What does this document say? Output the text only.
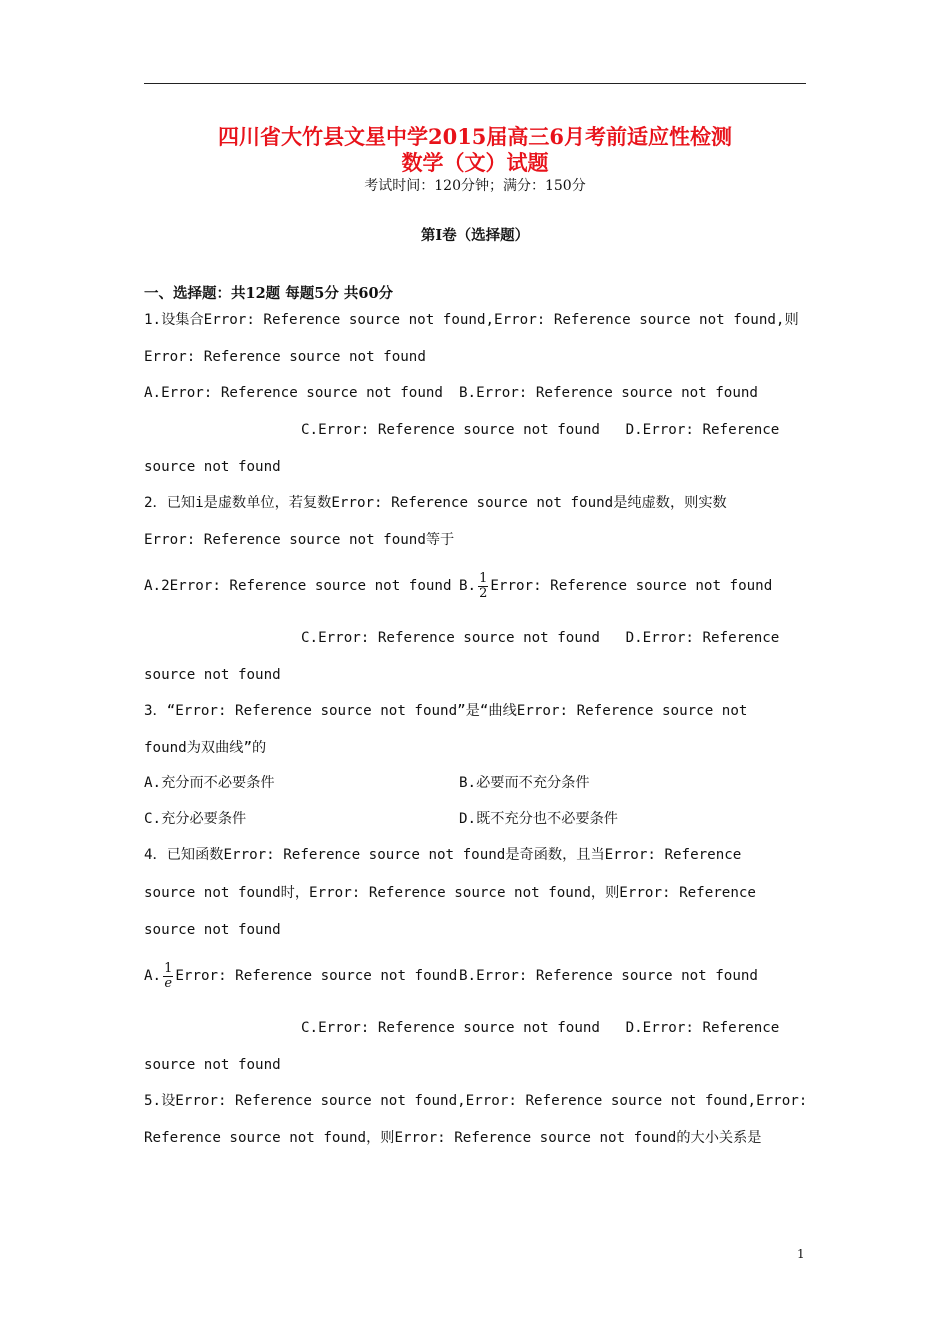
四川省大竹县文星中学2015届高三6月考前适应性检测
数学（文）试题
考试时间：120分钟；满分：150分
第I卷（选择题）
一、选择题：共12题 每题5分 共60分
1.设集合Error: Reference source not found,Error: Reference source not found,则
Error: Reference source not found
A.Error: Reference source not found B.Error: Reference source not found
C.Error: Reference source not found   D.Error: Reference
source not found
2．已知i是虚数单位，若复数Error: Reference source not found是纯虚数，则实数
Error: Reference source not found等于
A.2Error: Reference source not found B. $\frac{1}{2}$ Error: Reference source not found
C.Error: Reference source not found   D.Error: Reference
source not found
3．“Error: Reference source not found”是“曲线Error: Reference source not
found为双曲线”的
A.充分而不必要条件	B.必要而不充分条件
C.充分必要条件	D.既不充分也不必要条件
4．已知函数Error: Reference source not found是奇函数，且当Error: Reference
source not found时，Error: Reference source not found，则Error: Reference
source not found
A. $\frac{1}{e}$ Error: Reference source not found B.Error: Reference source not found
C.Error: Reference source not found   D.Error: Reference
source not found
5.设Error: Reference source not found,Error: Reference source not found,Error:
Reference source not found，则Error: Reference source not found的大小关系是
1
